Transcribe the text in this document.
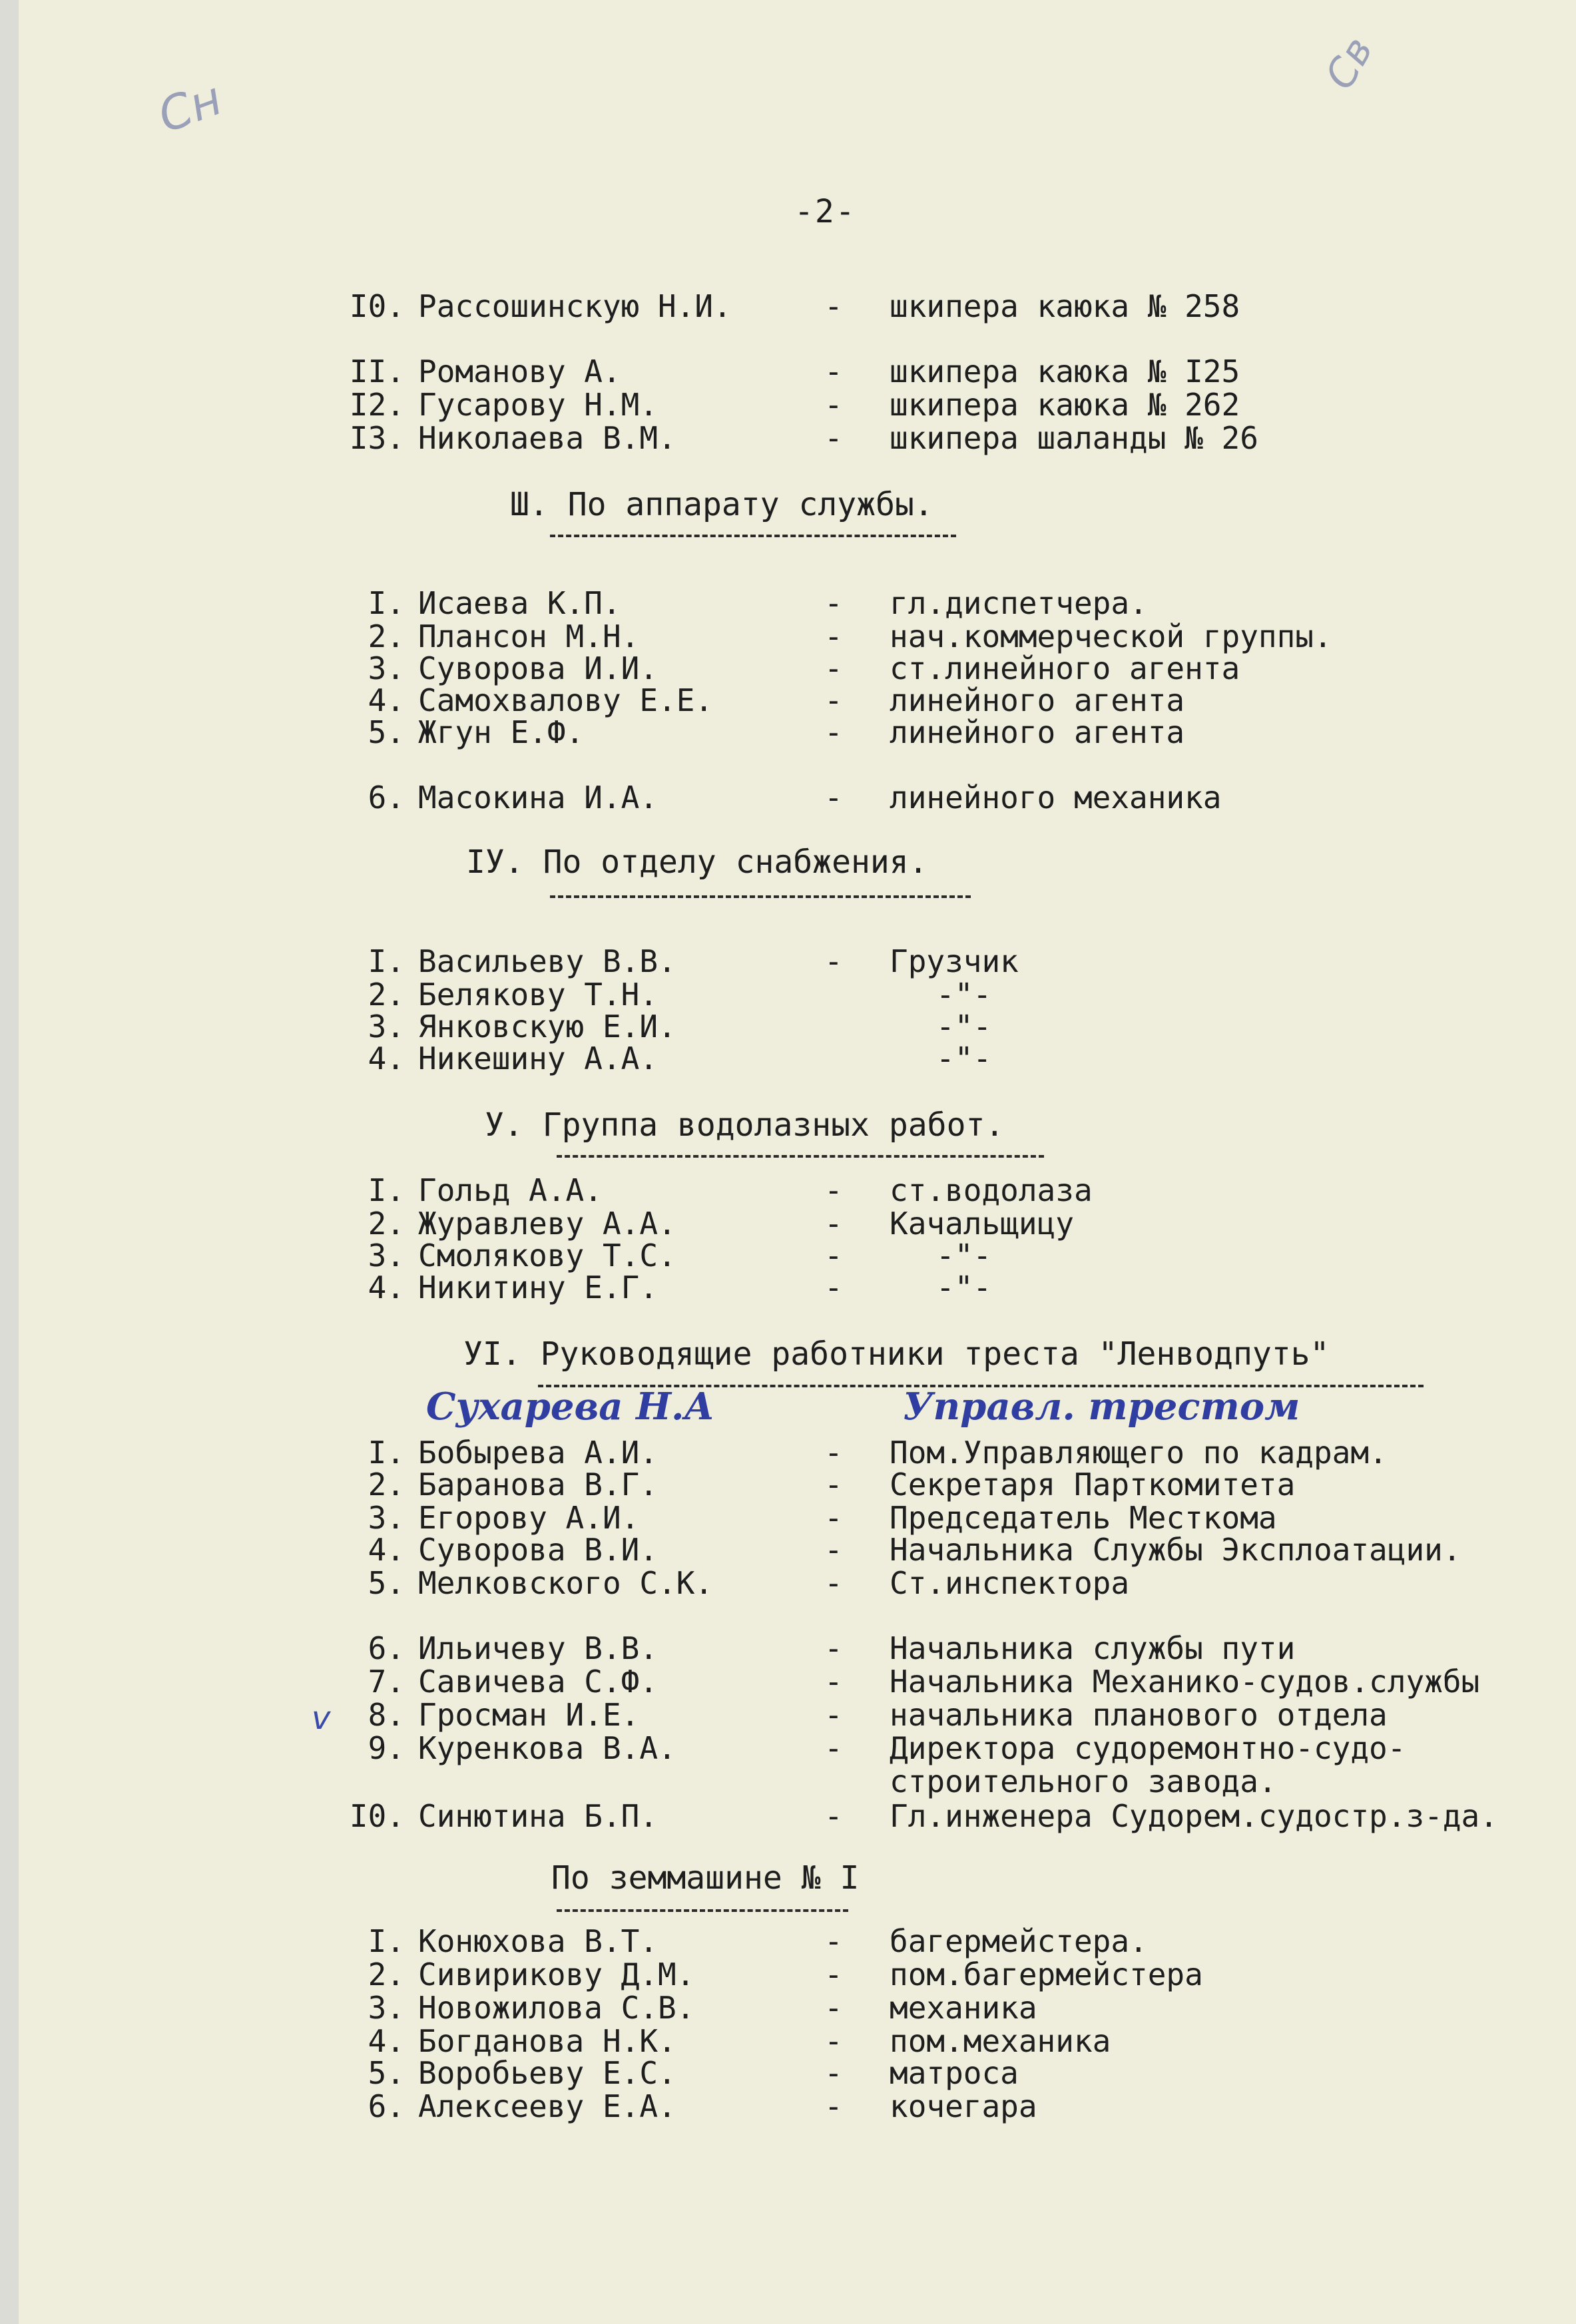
Сн
Св
-2-
I0. Рассошинскую Н.И.	- шкипера каюка № 258
II. Романову А.	- шкипера каюка № I25
I2. Гусарову Н.М.	- шкипера каюка № 262
I3. Николаева В.М.	- шкипера шаланды № 26
Ш. По аппарату службы.
I. Исаева К.П.	- гл.диспетчера.
2. Плансон М.Н.	- нач.коммерческой группы.
3. Суворова И.И.	- ст.линейного агента
4. Самохвалову Е.Е.	- линейного агента
5. Жгун Е.Ф.	- линейного агента
6. Масокина И.А.	- линейного механика
IУ. По отделу снабжения.
I. Васильеву В.В.	- Грузчик
2. Белякову Т.Н.	-"-
3. Янковскую Е.И.	-"-
4. Никешину А.А.	-"-
У. Группа водолазных работ.
I. Гольд А.А.	- ст.водолаза
2. Журавлеву А.А.	- Качальщицу
3. Смолякову Т.С.	-	-"-
4. Никитину Е.Г.	-	-"-
УI. Руководящие работники треста "Ленводпуть"
Сухарева Н.А	Управл. трестом
I. Бобырева А.И.	- Пом.Управляющего по кадрам.
2. Баранова В.Г.	- Секретаря Парткомитета
3. Егорову А.И.	- Председатель Месткома
4. Суворова В.И.	- Начальника Службы Эксплоатации.
5. Мелковского С.К.	- Ст.инспектора
6. Ильичеву В.В.	- Начальника службы пути
7. Савичева С.Ф.	- Начальника Механико-судов.службы
v	8. Гросман И.Е.	- начальника планового отдела
9. Куренкова В.А.	- Директора судоремонтно-судо-
строительного завода.
I0. Синютина Б.П.	- Гл.инженера Судорем.судостр.з-да.
По земмашине № I
I. Конюхова В.Т.	- багермейстера.
2. Сивирикову Д.М.	- пом.багермейстера
3. Новожилова С.В.	- механика
4. Богданова Н.К.	- пом.механика
5. Воробьеву Е.С.	- матроса
6. Алексееву Е.А.	- кочегара
